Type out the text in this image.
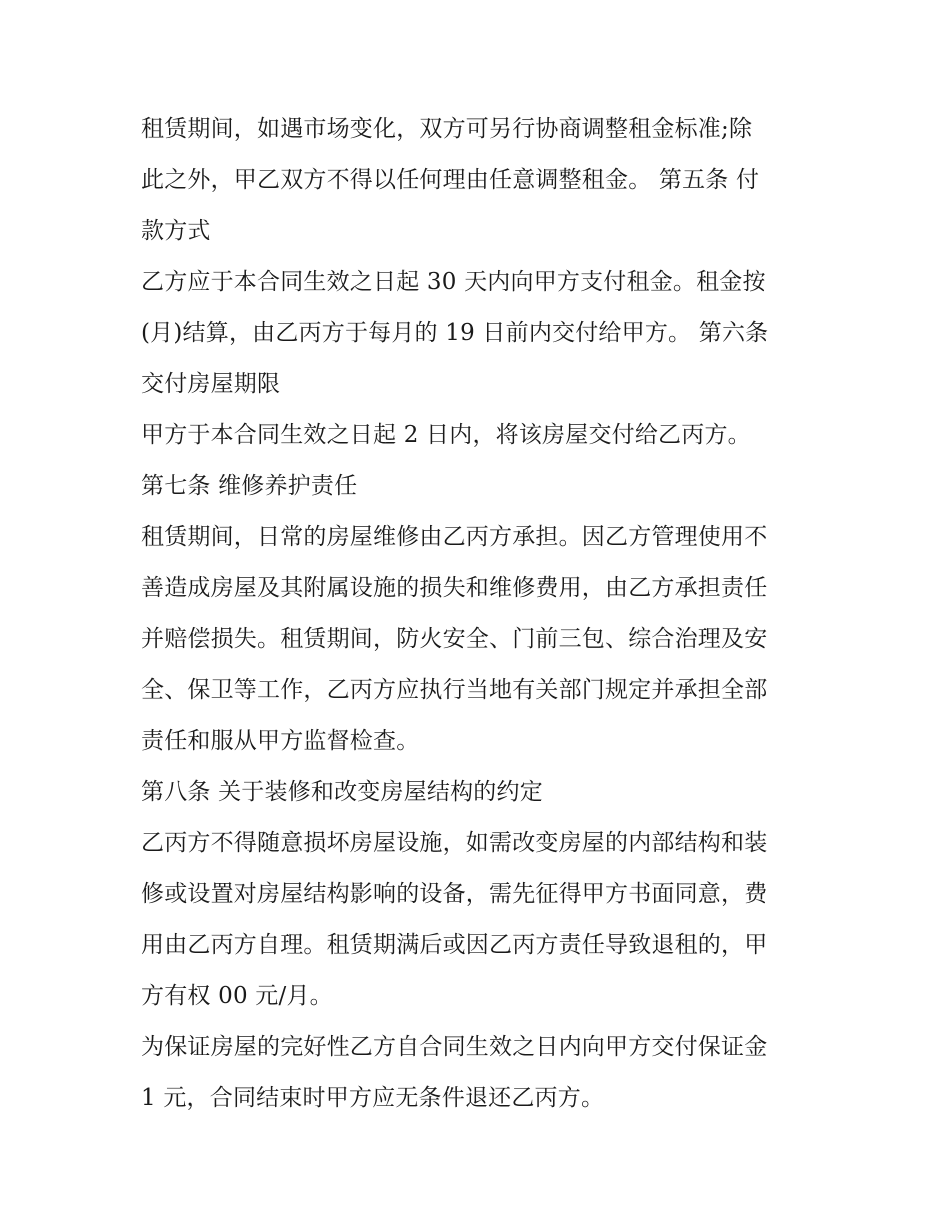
租赁期间，如遇市场变化，双方可另行协商调整租金标准;除
此之外，甲乙双方不得以任何理由任意调整租金。 第五条 付
款方式
乙方应于本合同生效之日起 30 天内向甲方支付租金。租金按
(月)结算，由乙丙方于每月的 19 日前内交付给甲方。 第六条
交付房屋期限
甲方于本合同生效之日起 2 日内，将该房屋交付给乙丙方。
第七条 维修养护责任
租赁期间，日常的房屋维修由乙丙方承担。因乙方管理使用不
善造成房屋及其附属设施的损失和维修费用，由乙方承担责任
并赔偿损失。租赁期间，防火安全、门前三包、综合治理及安
全、保卫等工作，乙丙方应执行当地有关部门规定并承担全部
责任和服从甲方监督检查。
第八条 关于装修和改变房屋结构的约定
乙丙方不得随意损坏房屋设施，如需改变房屋的内部结构和装
修或设置对房屋结构影响的设备，需先征得甲方书面同意，费
用由乙丙方自理。租赁期满后或因乙丙方责任导致退租的，甲
方有权 00 元/月。
为保证房屋的完好性乙方自合同生效之日内向甲方交付保证金
1 元，合同结束时甲方应无条件退还乙丙方。
